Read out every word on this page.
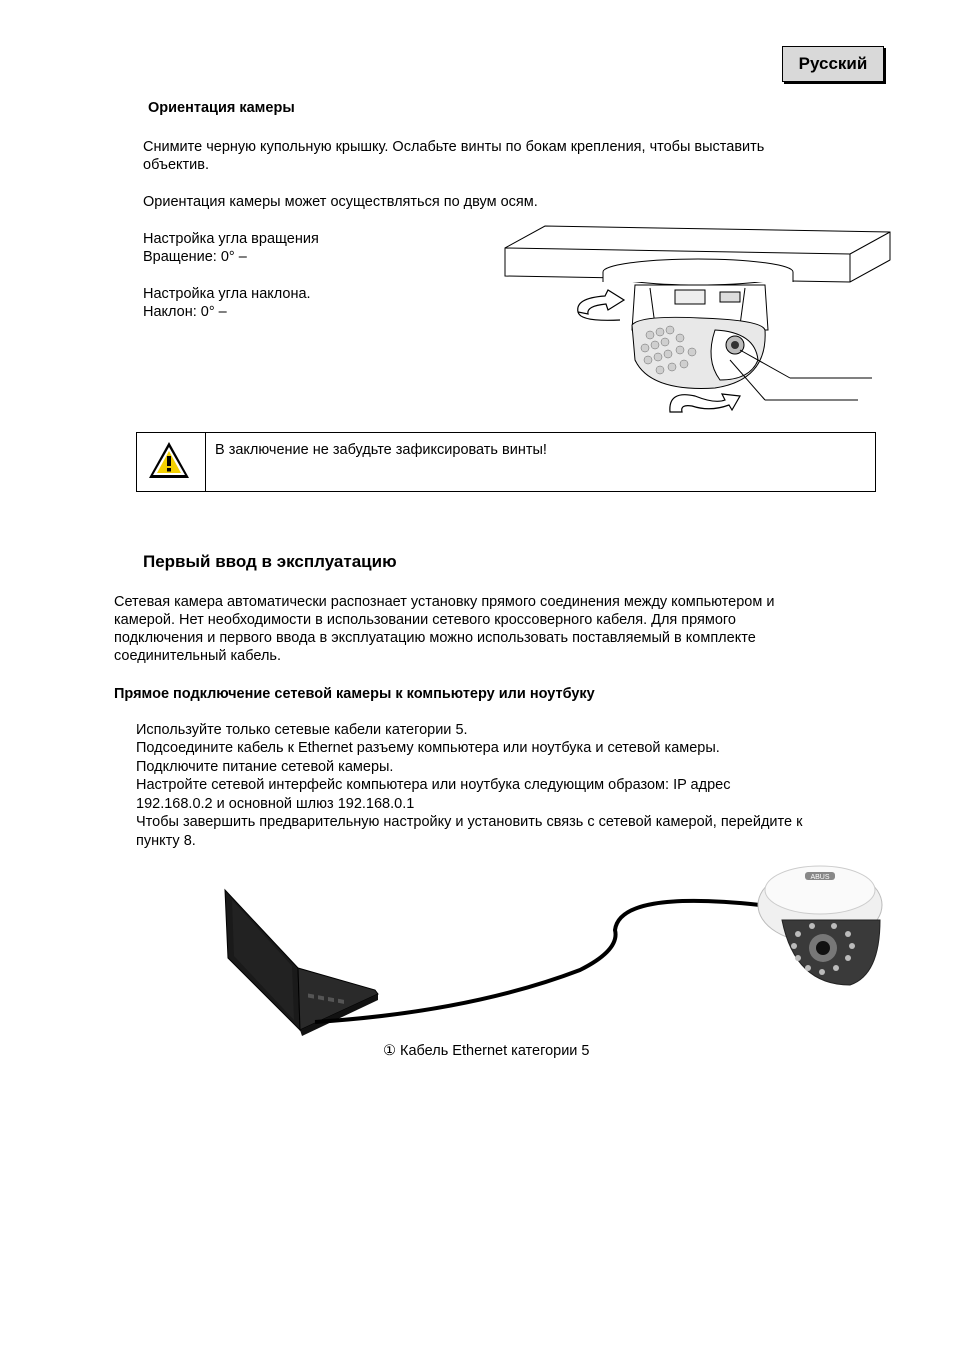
Русский
Ориентация камеры
Снимите черную купольную крышку. Ослабьте винты по бокам крепления, чтобы выставить
объектив.
Ориентация камеры может осуществляться по двум осям.
Настройка угла вращения
Вращение: 0° –
Настройка угла наклона.
Наклон: 0° –
В заключение не забудьте зафиксировать винты!
Первый ввод в эксплуатацию
Сетевая камера автоматически распознает установку прямого соединения между компьютером и
камерой. Нет необходимости в использовании сетевого кроссоверного кабеля. Для прямого
подключения и первого ввода в эксплуатацию можно использовать поставляемый в комплекте
соединительный кабель.
Прямое подключение сетевой камеры к компьютеру или ноутбуку
Используйте только сетевые кабели категории 5.
Подсоедините кабель к Ethernet разъему компьютера или ноутбука и сетевой камеры.
Подключите питание сетевой камеры.
Настройте сетевой интерфейс компьютера или ноутбука следующим образом: IP адрес
192.168.0.2 и основной шлюз 192.168.0.1
Чтобы завершить предварительную настройку и установить связь с сетевой камерой, перейдите к
пункту 8.
ABUS
① Кабель Ethernet категории 5
